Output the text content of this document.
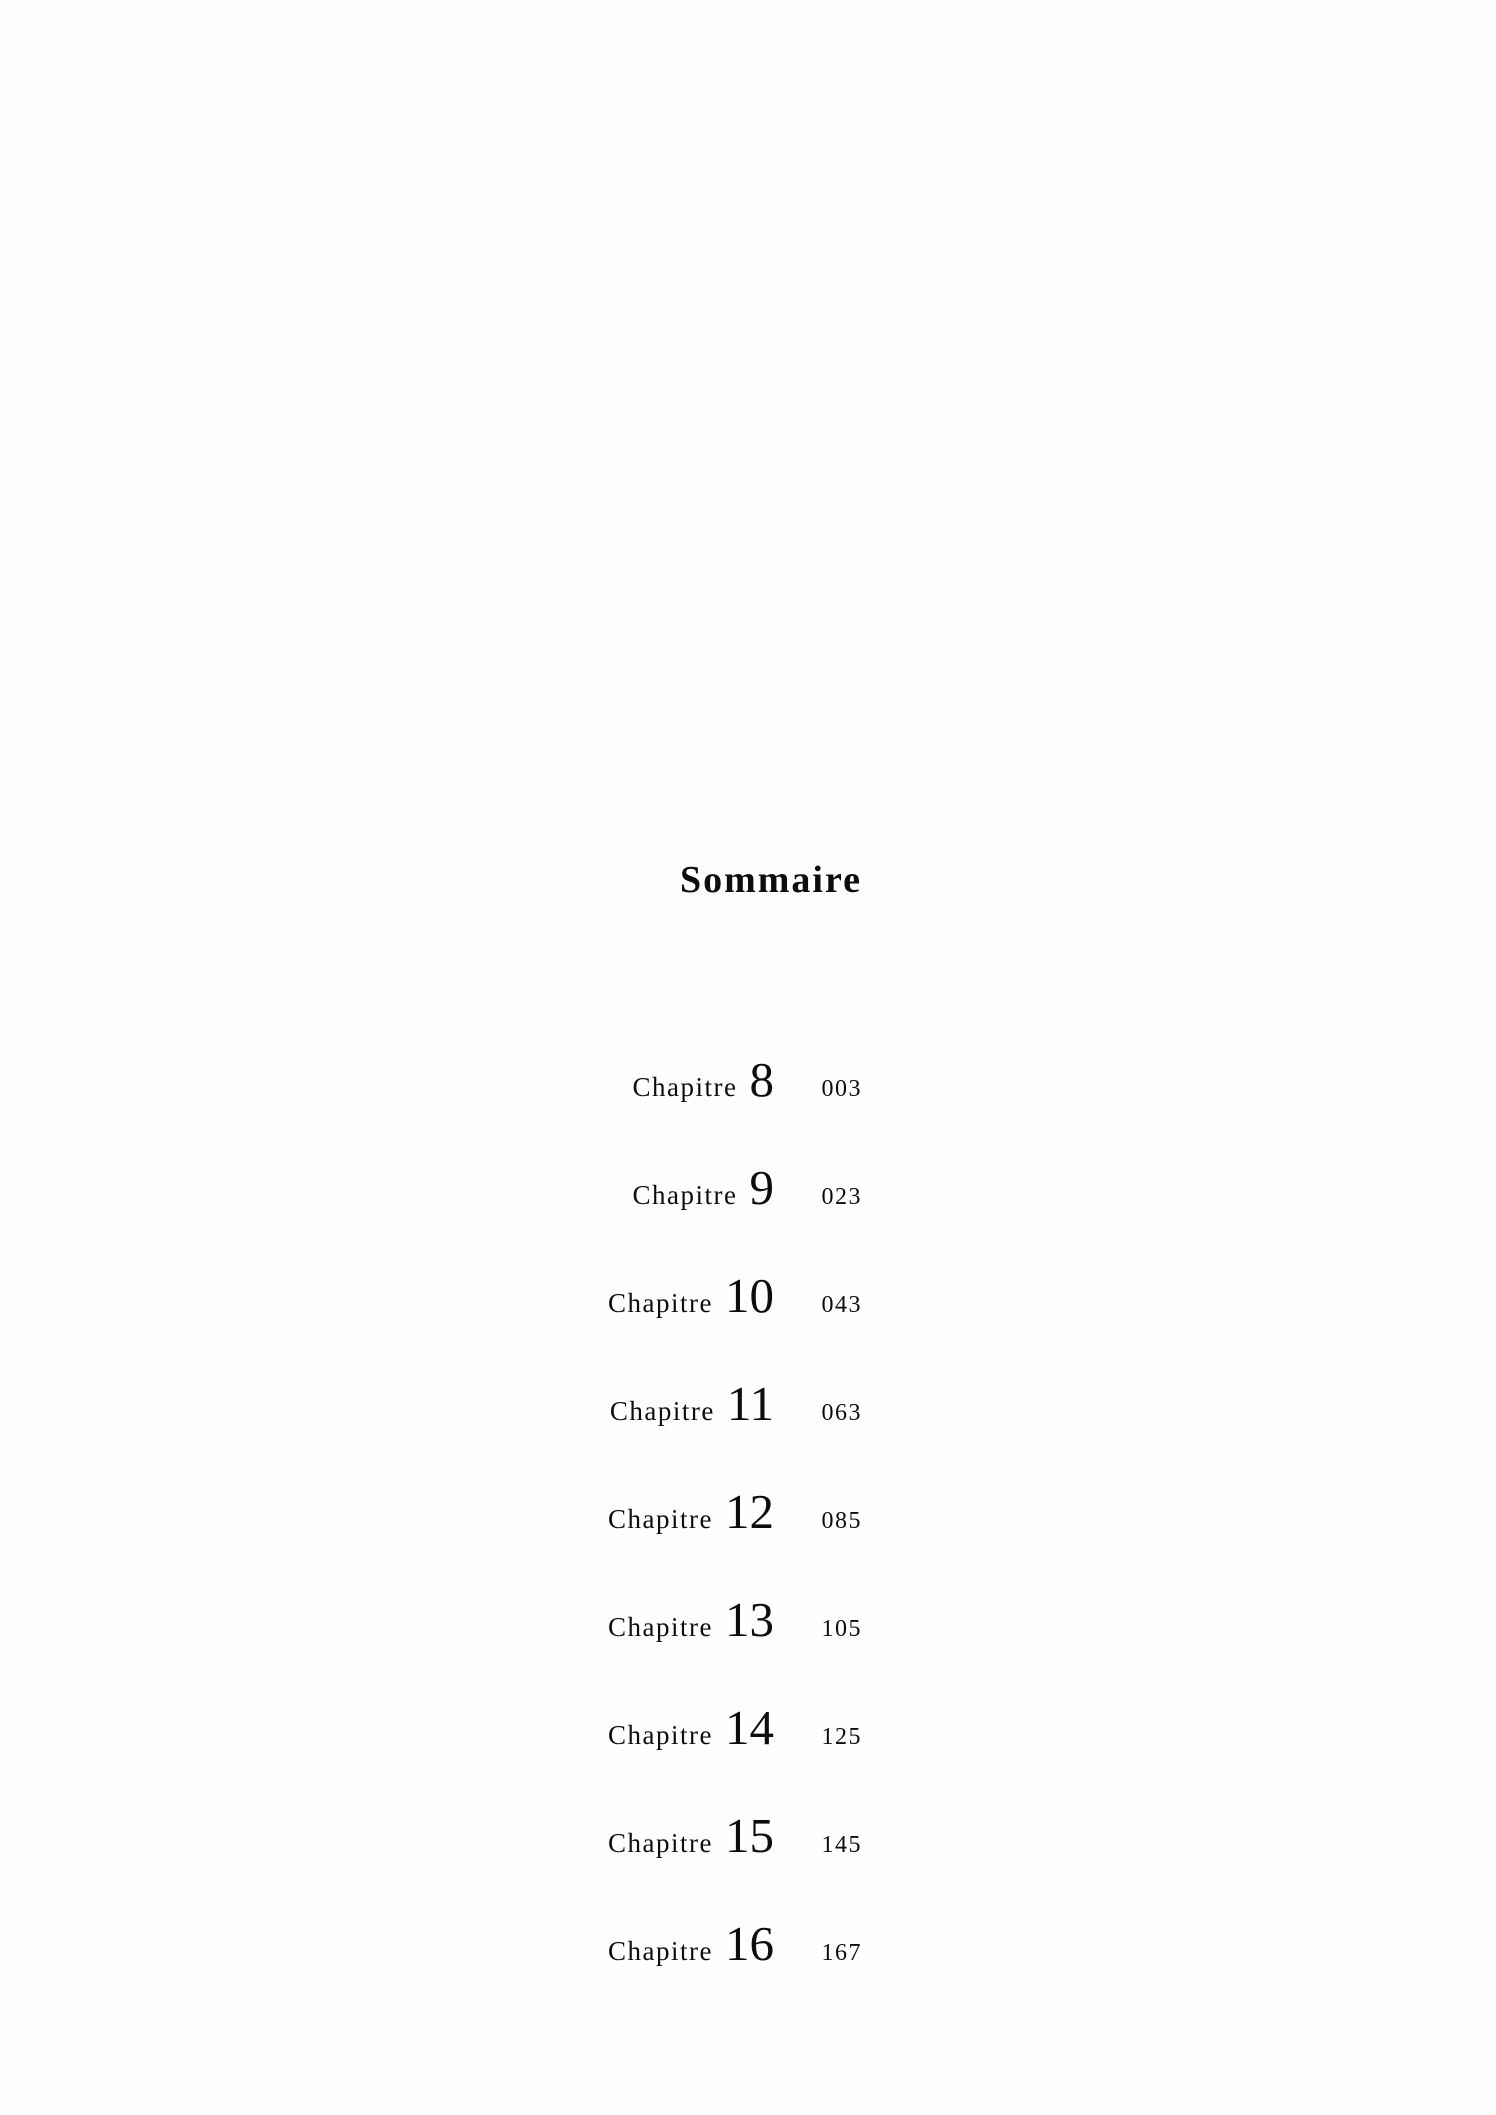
Sommaire
Chapitre 8	003
Chapitre 9	023
Chapitre 10	043
Chapitre 11	063
Chapitre 12	085
Chapitre 13	105
Chapitre 14	125
Chapitre 15	145
Chapitre 16	167
